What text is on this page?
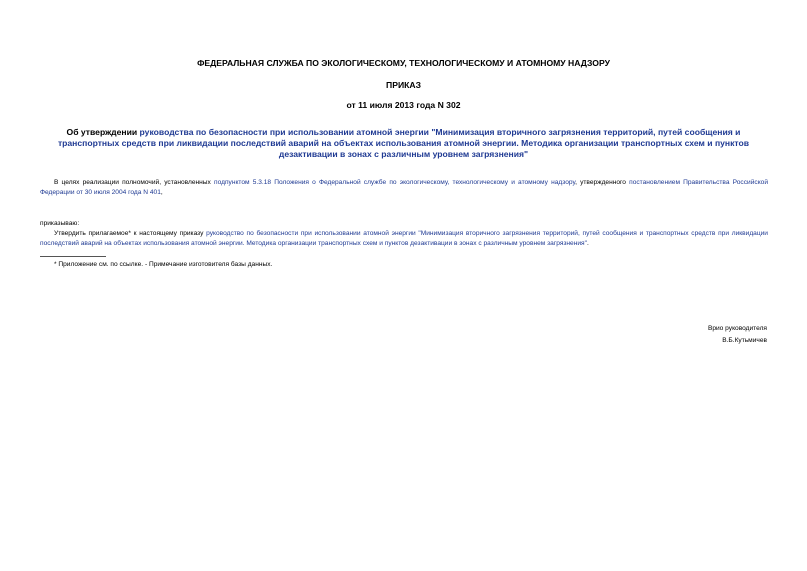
ФЕДЕРАЛЬНАЯ СЛУЖБА ПО ЭКОЛОГИЧЕСКОМУ, ТЕХНОЛОГИЧЕСКОМУ И АТОМНОМУ НАДЗОРУ
ПРИКАЗ
от 11 июля 2013 года N 302
Об утверждении руководства по безопасности при использовании атомной энергии "Минимизация вторичного загрязнения территорий, путей сообщения и транспортных средств при ликвидации последствий аварий на объектах использования атомной энергии. Методика организации транспортных схем и пунктов дезактивации в зонах с различным уровнем загрязнения"
В целях реализации полномочий, установленных подпунктом 5.3.18 Положения о Федеральной службе по экологическому, технологическому и атомному надзору, утвержденного постановлением Правительства Российской Федерации от 30 июля 2004 года N 401,
приказываю:
Утвердить прилагаемое* к настоящему приказу руководство по безопасности при использовании атомной энергии "Минимизация вторичного загрязнения территорий, путей сообщения и транспортных средств при ликвидации последствий аварий на объектах использования атомной энергии. Методика организации транспортных схем и пунктов дезактивации в зонах с различным уровнем загрязнения".
* Приложение см. по ссылке. - Примечание изготовителя базы данных.
Врио руководителя
В.Б.Кутьмичев
